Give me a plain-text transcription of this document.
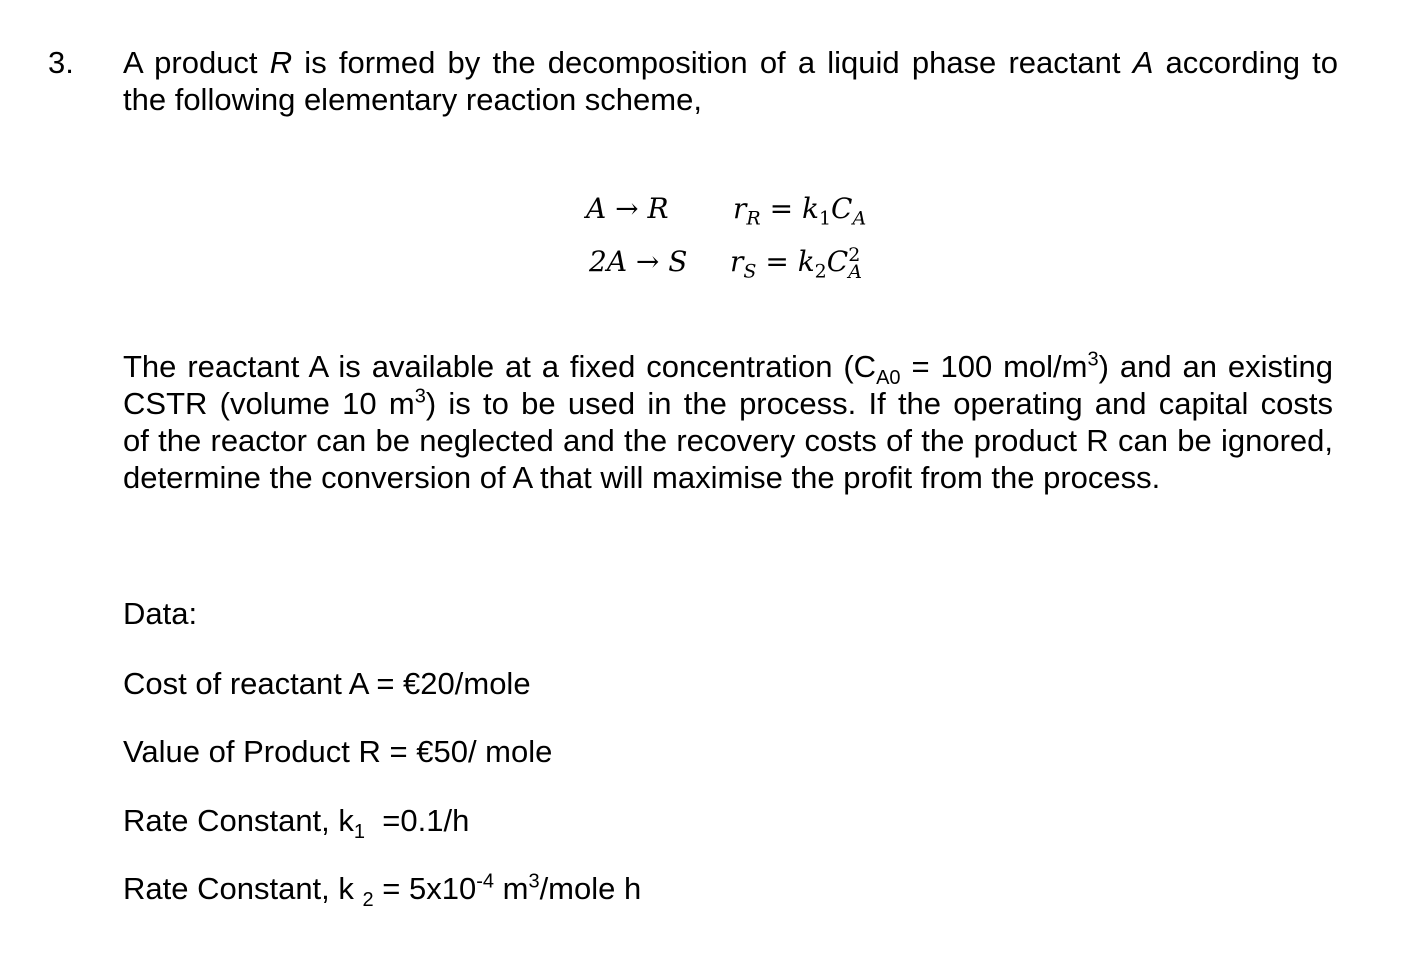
3. A product R is formed by the decomposition of a liquid phase reactant A according to
the following elementary reaction scheme,
A → R $r_R = k_1C_A$
2A → S $r_S = k_2C^2_A$
The reactant A is available at a fixed concentration ($C_{A0} = 100$ mol/$m^3$) and an existing
CSTR (volume 10 $m^3$) is to be used in the process. If the operating and capital costs
of the reactor can be neglected and the recovery costs of the product R can be ignored,
determine the conversion of A that will maximise the profit from the process.
Data:
Cost of reactant A = €20/mole
Value of Product R = €50/ mole
Rate Constant, $k_1 =0.1/h$
Rate Constant, k $_2 = 5x10^{-4}$ $m^3$/mole h
